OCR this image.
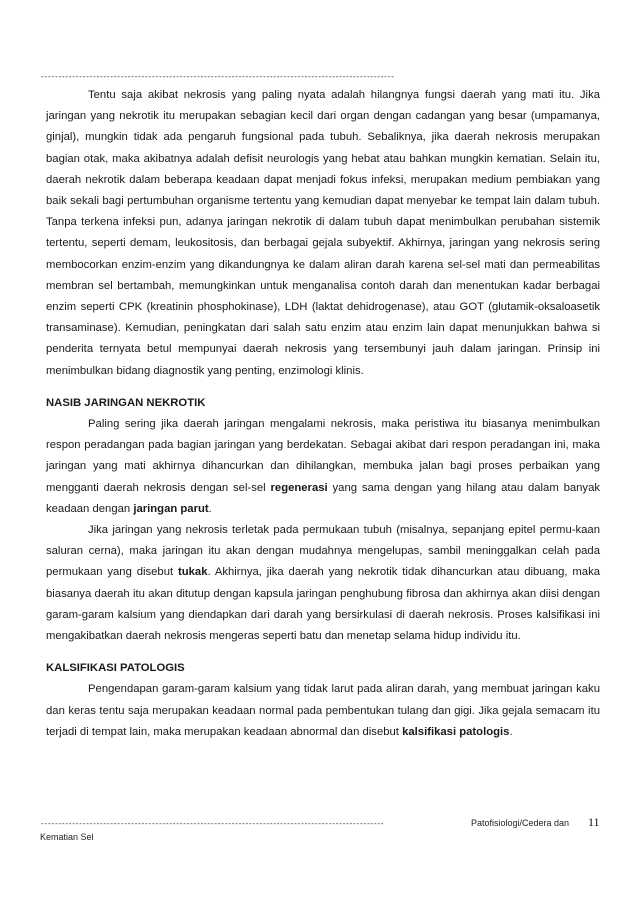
------------------------------------------------------------------------------------------------------

Tentu saja akibat nekrosis yang paling nyata adalah hilangnya fungsi daerah yang mati itu. Jika jaringan yang nekrotik itu merupakan sebagian kecil dari organ dengan cadangan yang besar (umpamanya, ginjal), mungkin tidak ada pengaruh fungsional pada tubuh. Sebaliknya, jika daerah nekrosis merupakan bagian otak, maka akibatnya adalah defisit neurologis yang hebat atau bahkan mungkin kematian. Selain itu, daerah nekrotik dalam beberapa keadaan dapat menjadi fokus infeksi, merupakan medium pembiakan yang baik sekali bagi pertumbuhan organisme tertentu yang kemudian dapat menyebar ke tempat lain dalam tubuh. Tanpa terkena infeksi pun, adanya jaringan nekrotik di dalam tubuh dapat menimbulkan perubahan sistemik tertentu, seperti demam, leukositosis, dan berbagai gejala subyektif. Akhirnya, jaringan yang nekrosis sering membocorkan enzim-enzim yang dikandungnya ke dalam aliran darah karena sel-sel mati dan permeabilitas membran sel bertambah, memungkinkan untuk menganalisa contoh darah dan menentukan kadar berbagai enzim seperti CPK (kreatinin phosphokinase), LDH (laktat dehidrogenase), atau GOT (glutamik-oksaloasetik transaminase). Kemudian, peningkatan dari salah satu enzim atau enzim lain dapat menunjukkan bahwa si penderita ternyata betul mempunyai daerah nekrosis yang tersembunyi jauh dalam jaringan. Prinsip ini menimbulkan bidang diagnostik yang penting, enzimologi klinis.

NASIB JARINGAN NEKROTIK

Paling sering jika daerah jaringan mengalami nekrosis, maka peristiwa itu biasanya menimbulkan respon peradangan pada bagian jaringan yang berdekatan. Sebagai akibat dari respon peradangan ini, maka jaringan yang mati akhirnya dihancurkan dan dihilangkan, membuka jalan bagi proses perbaikan yang mengganti daerah nekrosis dengan sel-sel regenerasi yang sama dengan yang hilang atau dalam banyak keadaan dengan jaringan parut.

Jika jaringan yang nekrosis terletak pada permukaan tubuh (misalnya, sepanjang epitel permu-kaan saluran cerna), maka jaringan itu akan dengan mudahnya mengelupas, sambil meninggalkan celah pada permukaan yang disebut tukak. Akhirnya, jika daerah yang nekrotik tidak dihancurkan atau dibuang, maka biasanya daerah itu akan ditutup dengan kapsula jaringan penghubung fibrosa dan akhirnya akan diisi dengan garam-garam kalsium yang diendapkan dari darah yang bersirkulasi di daerah nekrosis. Proses kalsifikasi ini mengakibatkan daerah nekrosis mengeras seperti batu dan menetap selama hidup individu itu.

KALSIFIKASI PATOLOGIS

Pengendapan garam-garam kalsium yang tidak larut pada aliran darah, yang membuat jaringan kaku dan keras tentu saja merupakan keadaan normal pada pembentukan tulang dan gigi. Jika gejala semacam itu terjadi di tempat lain, maka merupakan keadaan abnormal dan disebut kalsifikasi patologis.

---------------------------------------------------------------------------------------------------	Patofisiologi/Cedera dan 11
Kematian Sel
